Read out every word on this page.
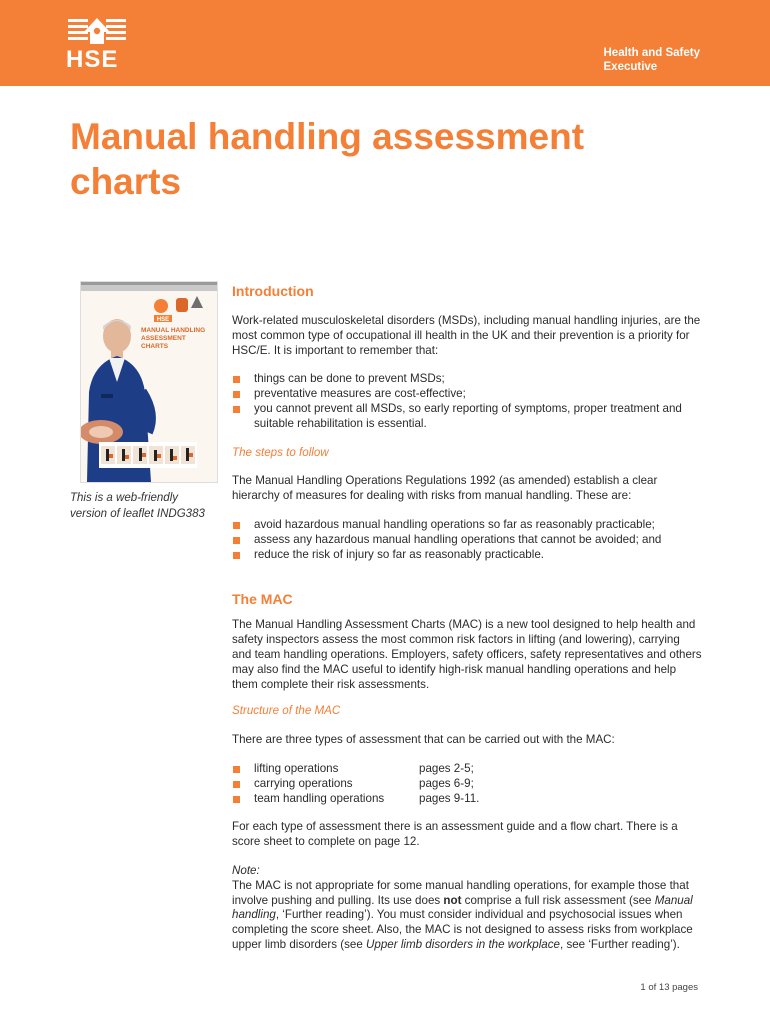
HSE	Health and Safety
Executive
Manual handling assessment
charts
HSE
MANUAL HANDLING
ASSESSMENT
CHARTS
This is a web-friendly
version of leaflet INDG383
Introduction

Work-related musculoskeletal disorders (MSDs), including manual handling injuries, are the most common type of occupational ill health in the UK and their prevention is a priority for HSC/E. It is important to remember that:

things can be done to prevent MSDs;
preventative measures are cost-effective;
you cannot prevent all MSDs, so early reporting of symptoms, proper treatment and suitable rehabilitation is essential.
The steps to follow

The Manual Handling Operations Regulations 1992 (as amended) establish a clear hierarchy of measures for dealing with risks from manual handling. These are:

avoid hazardous manual handling operations so far as reasonably practicable;
assess any hazardous manual handling operations that cannot be avoided; and
reduce the risk of injury so far as reasonably practicable.
The MAC

The Manual Handling Assessment Charts (MAC) is a new tool designed to help health and safety inspectors assess the most common risk factors in lifting (and lowering), carrying and team handling operations. Employers, safety officers, safety representatives and others may also find the MAC useful to identify high-risk manual handling operations and help them complete their risk assessments.

Structure of the MAC

There are three types of assessment that can be carried out with the MAC:

lifting operations	pages 2-5;
carrying operations	pages 6-9;
team handling operations	pages 9-11.

For each type of assessment there is an assessment guide and a flow chart. There is a score sheet to complete on page 12.

Note:

The MAC is not appropriate for some manual handling operations, for example those that involve pushing and pulling. Its use does not comprise a full risk assessment (see Manual handling, ‘Further reading’). You must consider individual and psychosocial issues when completing the score sheet. Also, the MAC is not designed to assess risks from workplace upper limb disorders (see Upper limb disorders in the workplace, see ‘Further reading’).

1 of 13 pages
